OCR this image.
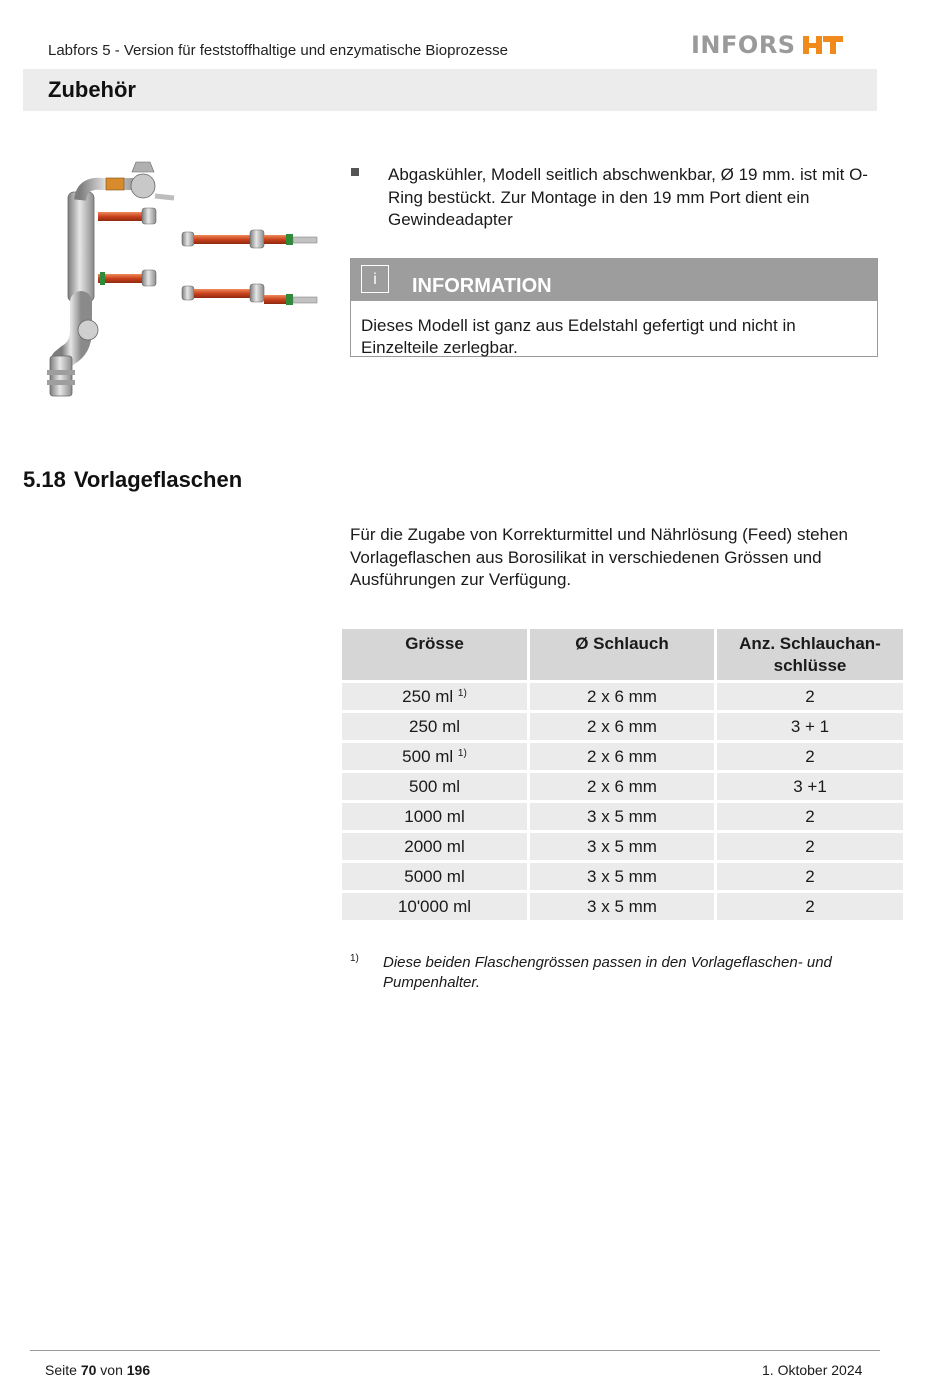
Labfors 5 - Version für feststoffhaltige und enzymatische Bioprozesse	INFORS
Zubehör
Abgaskühler, Modell seitlich abschwenkbar, Ø 19 mm. ist mit O-Ring bestückt. Zur Montage in den 19 mm Port dient ein Gewindeadapter
i	INFORMATION
Dieses Modell ist ganz aus Edelstahl gefertigt und nicht in Einzelteile zerlegbar.
5.18 Vorlageflaschen
Für die Zugabe von Korrekturmittel und Nährlösung (Feed) stehen Vorlageflaschen aus Borosilikat in verschiedenen Grössen und Ausführungen zur Verfügung.
Grösse	Ø Schlauch	Anz. Schlauchan-schlüsse
250 ml $^{1)}$	2 x 6 mm	2
250 ml	2 x 6 mm	3 + 1
500 ml $^{1)}$	2 x 6 mm	2
500 ml	2 x 6 mm	3 +1
1000 ml	3 x 5 mm	2
2000 ml	3 x 5 mm	2
5000 ml	3 x 5 mm	2
10'000 ml	3 x 5 mm	2
1) Diese beiden Flaschengrössen passen in den Vorlageflaschen- und Pumpenhalter.
Seite 70 von 196	1. Oktober 2024
